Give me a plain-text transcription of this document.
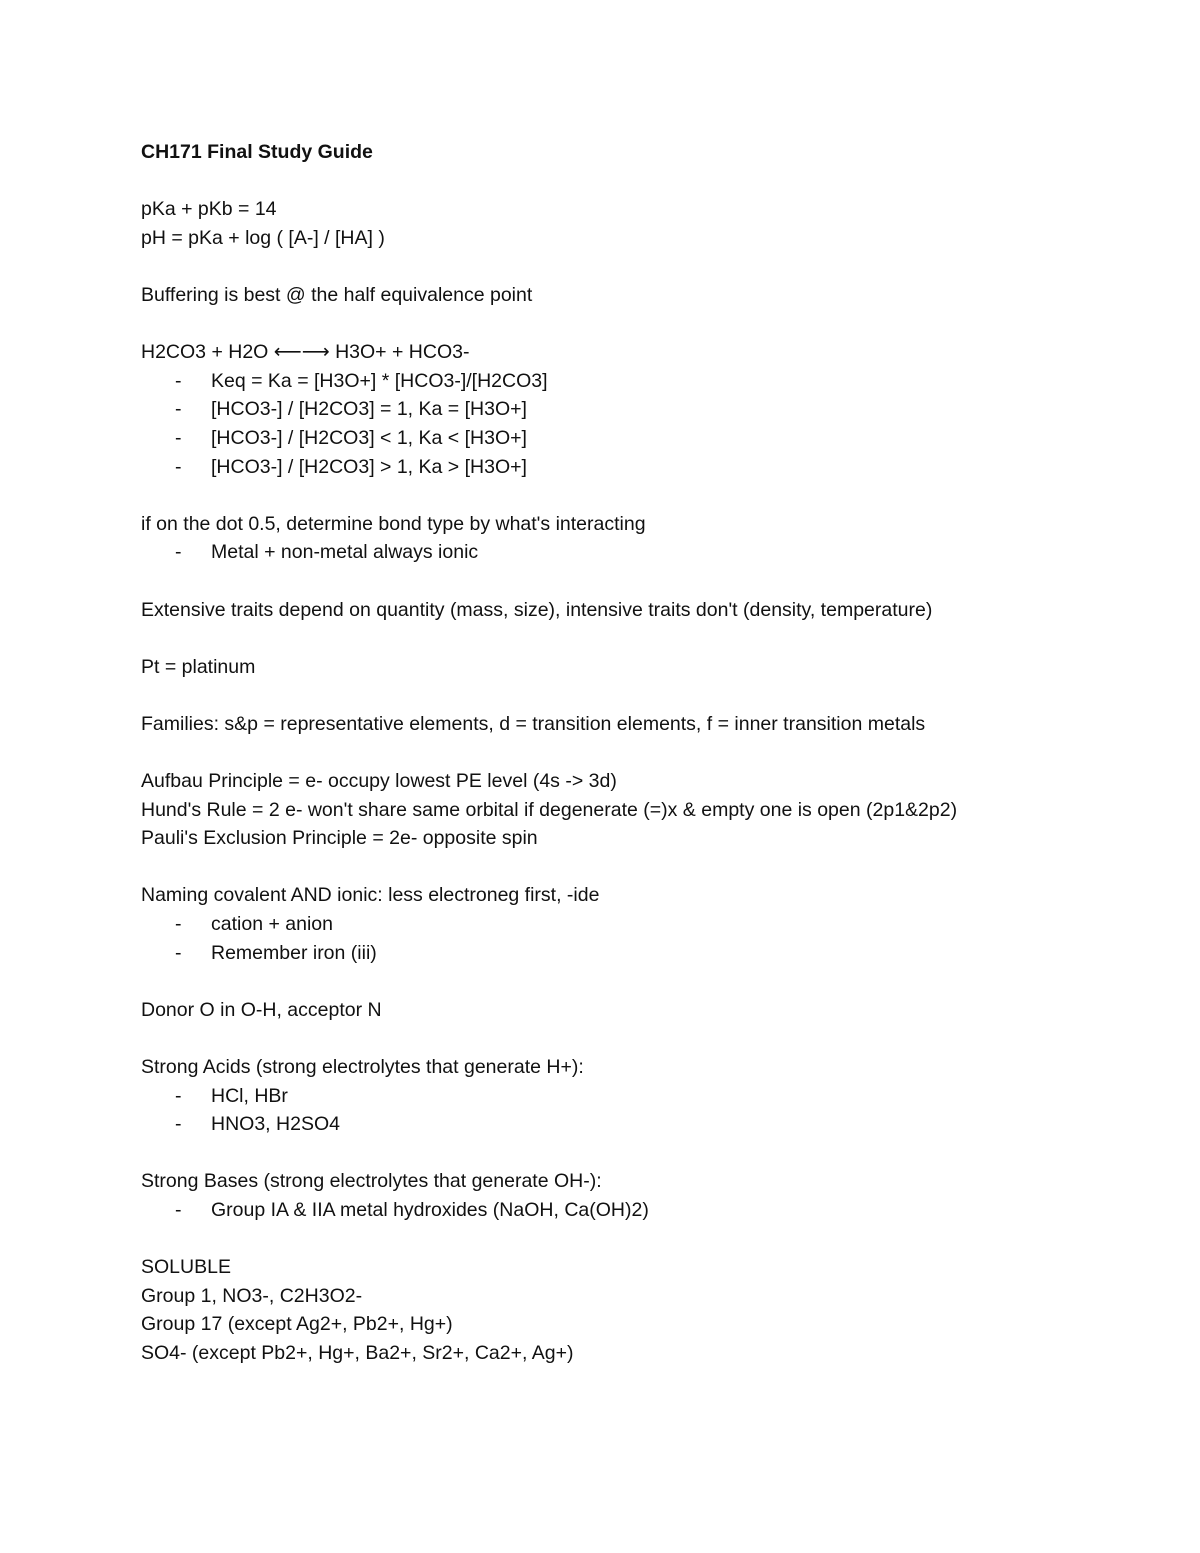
CH171 Final Study Guide
pKa + pKb = 14
pH = pKa + log ( [A-] / [HA] )
Buffering is best @ the half equivalence point
H2CO3 + H2O ⟵⟶ H3O+ + HCO3-
- Keq = Ka = [H3O+] * [HCO3-]/[H2CO3]
- [HCO3-] / [H2CO3] = 1, Ka = [H3O+]
- [HCO3-] / [H2CO3] < 1, Ka < [H3O+]
- [HCO3-] / [H2CO3] > 1, Ka > [H3O+]
if on the dot 0.5, determine bond type by what's interacting
- Metal + non-metal always ionic
Extensive traits depend on quantity (mass, size), intensive traits don't (density, temperature)
Pt = platinum
Families: s&p = representative elements, d = transition elements, f = inner transition metals
Aufbau Principle = e- occupy lowest PE level (4s -> 3d)
Hund's Rule = 2 e- won't share same orbital if degenerate (=)x & empty one is open (2p1&2p2)
Pauli's Exclusion Principle = 2e- opposite spin
Naming covalent AND ionic: less electroneg first, -ide
- cation + anion
- Remember iron (iii)
Donor O in O-H, acceptor N
Strong Acids (strong electrolytes that generate H+):
- HCl, HBr
- HNO3, H2SO4
Strong Bases (strong electrolytes that generate OH-):
- Group IA & IIA metal hydroxides (NaOH, Ca(OH)2)
SOLUBLE
Group 1, NO3-, C2H3O2-
Group 17 (except Ag2+, Pb2+, Hg+)
SO4- (except Pb2+, Hg+, Ba2+, Sr2+, Ca2+, Ag+)
